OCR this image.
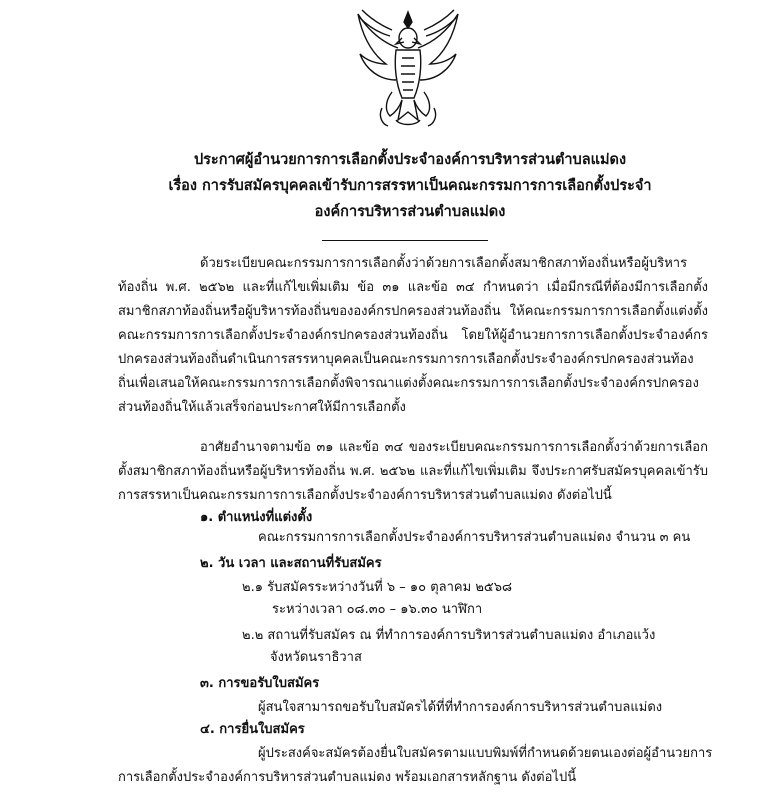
ประกาศผู้อำนวยการการเลือกตั้งประจำองค์การบริหารส่วนตำบลแม่ดง
เรื่อง การรับสมัครบุคคลเข้ารับการสรรหาเป็นคณะกรรมการการเลือกตั้งประจำ
องค์การบริหารส่วนตำบลแม่ดง

ด้วยระเบียบคณะกรรมการการเลือกตั้งว่าด้วยการเลือกตั้งสมาชิกสภาท้องถิ่นหรือผู้บริหารท้องถิ่น พ.ศ. ๒๕๖๒ และที่แก้ไขเพิ่มเติม ข้อ ๓๑ และข้อ ๓๔ กำหนดว่า เมื่อมีกรณีที่ต้องมีการเลือกตั้งสมาชิกสภาท้องถิ่นหรือผู้บริหารท้องถิ่นขององค์กรปกครองส่วนท้องถิ่น ให้คณะกรรมการการเลือกตั้งแต่งตั้งคณะกรรมการการเลือกตั้งประจำองค์กรปกครองส่วนท้องถิ่น โดยให้ผู้อำนวยการการเลือกตั้งประจำองค์กรปกครองส่วนท้องถิ่นดำเนินการสรรหาบุคคลเป็นคณะกรรมการการเลือกตั้งประจำองค์กรปกครองส่วนท้องถิ่นเพื่อเสนอให้คณะกรรมการการเลือกตั้งพิจารณาแต่งตั้งคณะกรรมการการเลือกตั้งประจำองค์กรปกครองส่วนท้องถิ่นให้แล้วเสร็จก่อนประกาศให้มีการเลือกตั้ง

อาศัยอำนาจตามข้อ ๓๑ และข้อ ๓๔ ของระเบียบคณะกรรมการการเลือกตั้งว่าด้วยการเลือกตั้งสมาชิกสภาท้องถิ่นหรือผู้บริหารท้องถิ่น พ.ศ. ๒๕๖๒ และที่แก้ไขเพิ่มเติม จึงประกาศรับสมัครบุคคลเข้ารับการสรรหาเป็นคณะกรรมการการเลือกตั้งประจำองค์การบริหารส่วนตำบลแม่ดง ดังต่อไปนี้

๑. ตำแหน่งที่แต่งตั้ง
คณะกรรมการการเลือกตั้งประจำองค์การบริหารส่วนตำบลแม่ดง จำนวน ๓ คน
๒. วัน เวลา และสถานที่รับสมัคร
๒.๑ รับสมัครระหว่างวันที่ ๖ – ๑๐ ตุลาคม ๒๕๖๘
ระหว่างเวลา ๐๘.๓๐ – ๑๖.๓๐ นาฬิกา
๒.๒ สถานที่รับสมัคร ณ ที่ทำการองค์การบริหารส่วนตำบลแม่ดง อำเภอแว้ง
จังหวัดนราธิวาส
๓. การขอรับใบสมัคร
ผู้สนใจสามารถขอรับใบสมัครได้ที่ที่ทำการองค์การบริหารส่วนตำบลแม่ดง
๔. การยื่นใบสมัคร
ผู้ประสงค์จะสมัครต้องยื่นใบสมัครตามแบบพิมพ์ที่กำหนดด้วยตนเองต่อผู้อำนวยการ
การเลือกตั้งประจำองค์การบริหารส่วนตำบลแม่ดง พร้อมเอกสารหลักฐาน ดังต่อไปนี้
